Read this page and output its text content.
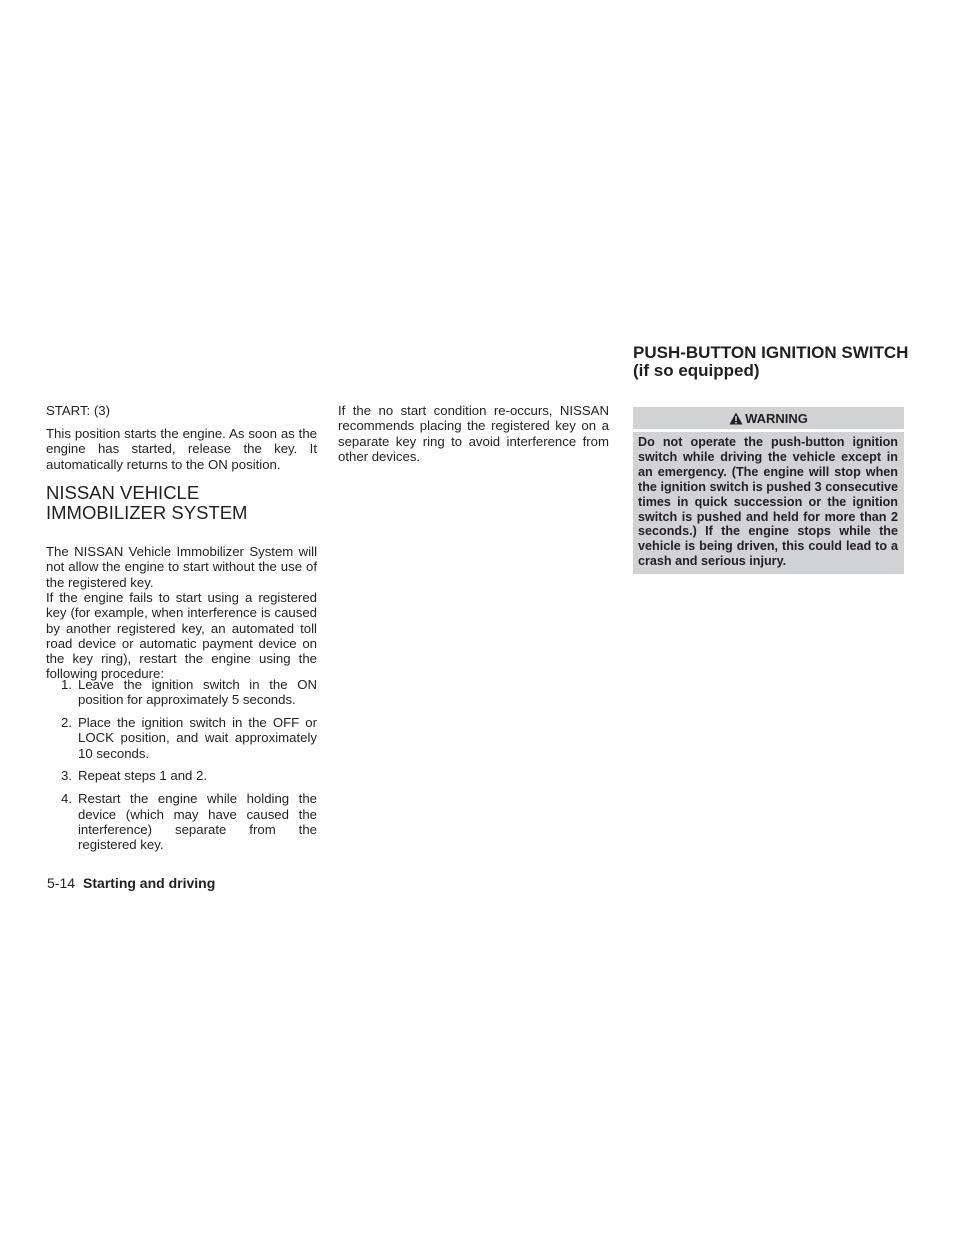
START: (3)

This position starts the engine. As soon as the engine has started, release the key. It automatically returns to the ON position.

NISSAN VEHICLE IMMOBILIZER SYSTEM

The NISSAN Vehicle Immobilizer System will not allow the engine to start without the use of the registered key.

If the engine fails to start using a registered key (for example, when interference is caused by another registered key, an automated toll road device or automatic payment device on the key ring), restart the engine using the following procedure:

1. Leave the ignition switch in the ON position for approximately 5 seconds.
2. Place the ignition switch in the OFF or LOCK position, and wait approximately 10 seconds.
3. Repeat steps 1 and 2.
4. Restart the engine while holding the device (which may have caused the interference) separate from the registered key.

If the no start condition re-occurs, NISSAN recommends placing the registered key on a separate key ring to avoid interference from other devices.

PUSH-BUTTON IGNITION SWITCH (if so equipped)
WARNING
Do not operate the push-button ignition switch while driving the vehicle except in an emergency. (The engine will stop when the ignition switch is pushed 3 consecutive times in quick succession or the ignition switch is pushed and held for more than 2 seconds.) If the engine stops while the vehicle is being driven, this could lead to a crash and serious injury.
5-14 Starting and driving
